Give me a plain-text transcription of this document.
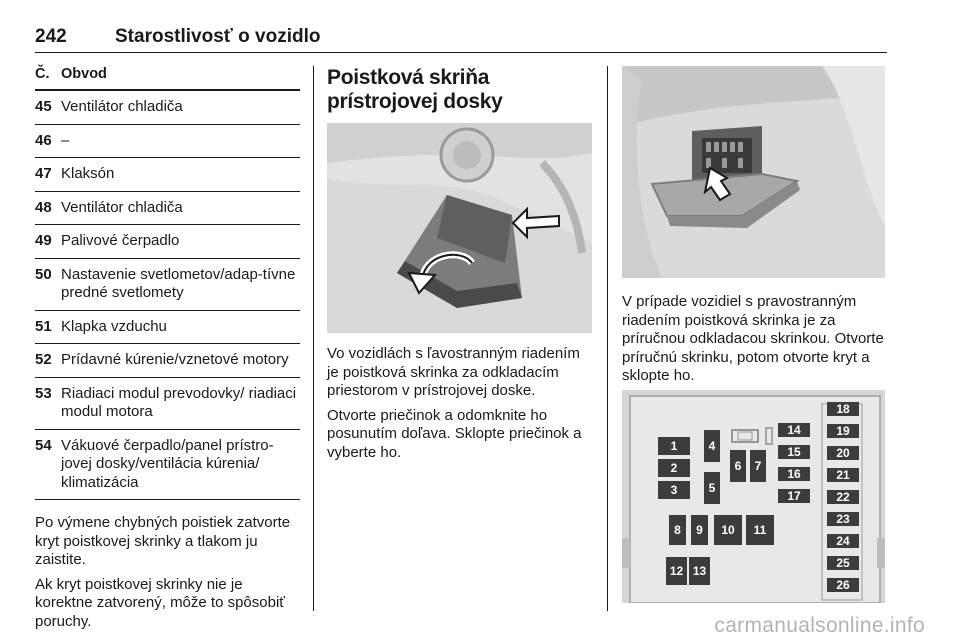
242	Starostlivosť o vozidlo
Č. Obvod
45 Ventilátor chladiča
46 –
47 Klaksón
48 Ventilátor chladiča
49 Palivové čerpadlo
50 Nastavenie svetlometov/adap-tívne predné svetlomety
51 Klapka vzduchu
52 Prídavné kúrenie/vznetové motory
53 Riadiaci modul prevodovky/ riadiaci modul motora
54 Vákuové čerpadlo/panel prístro-jovej dosky/ventilácia kúrenia/ klimatizácia

Po výmene chybných poistiek zatvorte kryt poistkovej skrinky a tlakom ju zaistite.

Ak kryt poistkovej skrinky nie je korektne zatvorený, môže to spôsobiť poruchy.

Poistková skriňa prístrojovej dosky

Vo vozidlách s ľavostranným riadením je poistková skrinka za odkladacím priestorom v prístrojovej doske.

Otvorte priečinok a odomknite ho posunutím doľava. Sklopte priečinok a vyberte ho.

V prípade vozidiel s pravostranným riadením poistková skrinka je za príručnou odkladacou skrinkou. Otvorte príručnú skrinku, potom otvorte kryt a sklopte ho.

1
2
3
4
5
6	7
8	9	10	11
12 13
14
15
16
17
18
19
20
21
22
23
24
25
26
carmanualsonline.info
